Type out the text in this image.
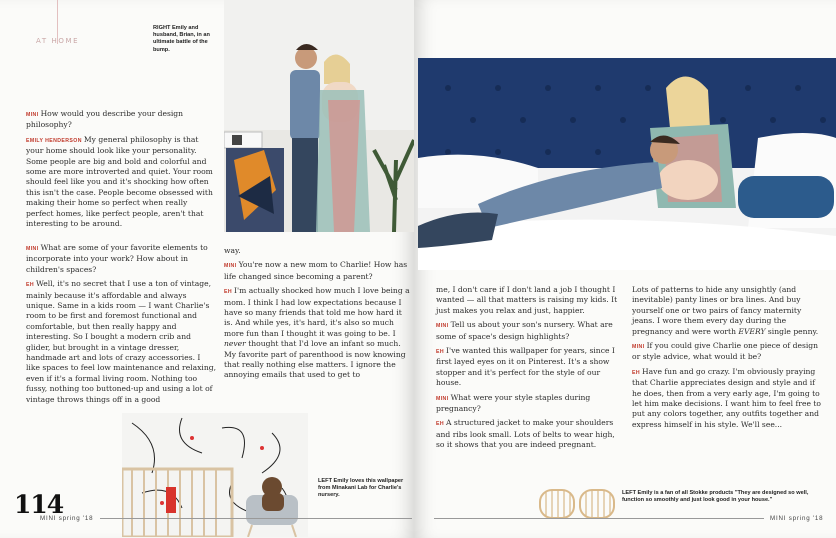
AT HOME
RIGHT Emily and husband, Brian, in an ultimate battle of the bump.

MINI How would you describe your design philosophy?

EMILY HENDERSON My general philosophy is that your home should look like your personality. Some people are big and bold and colorful and some are more introverted and quiet. Your room should feel like you and it's shocking how often this isn't the case. People become obsessed with making their home so perfect when really perfect homes, like perfect people, aren't that interesting to be around.

MINI What are some of your favorite elements to incorporate into your work? How about in children's spaces?

EH Well, it's no secret that I use a ton of vintage, mainly because it's affordable and always unique. Same in a kids room — I want Charlie's room to be first and foremost functional and comfortable, but then really happy and interesting. So I bought a modern crib and glider, but brought in a vintage dresser, handmade art and lots of crazy accessories. I like spaces to feel low maintenance and relaxing, even if it's a formal living room. Nothing too fussy, nothing too buttoned-up and using a lot of vintage throws things off in a good

way.

MINI You're now a new mom to Charlie! How has life changed since becoming a parent?

EH I'm actually shocked how much I love being a mom. I think I had low expectations because I have so many friends that told me how hard it is. And while yes, it's hard, it's also so much more fun than I thought it was going to be. I never thought that I'd love an infant so much. My favorite part of parenthood is now knowing that really nothing else matters. I ignore the annoying emails that used to get to

LEFT Emily loves this wallpaper from Minakani Lab for Charlie's nursery.
114
MINI spring '18

me, I don't care if I don't land a job I thought I wanted — all that matters is raising my kids. It just makes you relax and just, happier.

MINI Tell us about your son's nursery. What are some of space's design highlights?

EH I've wanted this wallpaper for years, since I first layed eyes on it on Pinterest. It's a show stopper and it's perfect for the style of our house.

MINI What were your style staples during pregnancy?

EH A structured jacket to make your shoulders and ribs look small. Lots of belts to wear high, so it shows that you are indeed pregnant.

Lots of patterns to hide any unsightly (and inevitable) panty lines or bra lines. And buy yourself one or two pairs of fancy maternity jeans. I wore them every day during the pregnancy and were worth EVERY single penny.

MINI If you could give Charlie one piece of design or style advice, what would it be?

EH Have fun and go crazy. I'm obviously praying that Charlie appreciates design and style and if he does, then from a very early age, I'm going to let him make decisions. I want him to feel free to put any colors together, any outfits together and express himself in his style. We'll see...

LEFT Emily is a fan of all Stokke products "They are designed so well, function so smoothly and just look good in your house."
MINI spring '18
